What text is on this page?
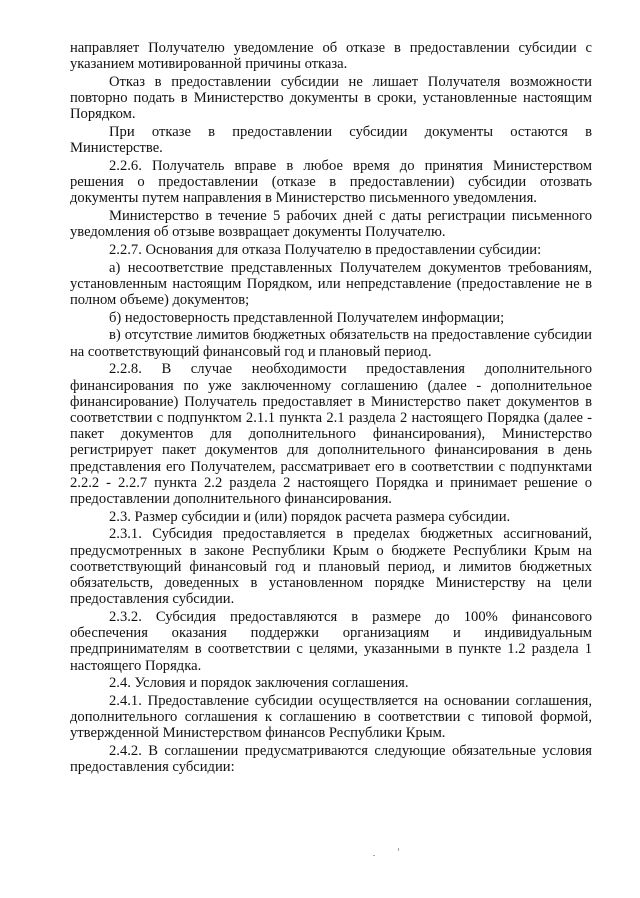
направляет Получателю уведомление об отказе в предоставлении субсидии с указанием мотивированной причины отказа.

Отказ в предоставлении субсидии не лишает Получателя возможности повторно подать в Министерство документы в сроки, установленные настоящим Порядком.

При отказе в предоставлении субсидии документы остаются в Министерстве.

2.2.6. Получатель вправе в любое время до принятия Министерством решения о предоставлении (отказе в предоставлении) субсидии отозвать документы путем направления в Министерство письменного уведомления.

Министерство в течение 5 рабочих дней с даты регистрации письменного уведомления об отзыве возвращает документы Получателю.

2.2.7. Основания для отказа Получателю в предоставлении субсидии:

а) несоответствие представленных Получателем документов требованиям, установленным настоящим Порядком, или непредставление (предоставление не в полном объеме) документов;

б) недостоверность представленной Получателем информации;

в) отсутствие лимитов бюджетных обязательств на предоставление субсидии на соответствующий финансовый год и плановый период.

2.2.8. В случае необходимости предоставления дополнительного финансирования по уже заключенному соглашению (далее - дополнительное финансирование) Получатель предоставляет в Министерство пакет документов в соответствии с подпунктом 2.1.1 пункта 2.1 раздела 2 настоящего Порядка (далее - пакет документов для дополнительного финансирования), Министерство регистрирует пакет документов для дополнительного финансирования в день представления его Получателем, рассматривает его в соответствии с подпунктами 2.2.2 - 2.2.7 пункта 2.2 раздела 2 настоящего Порядка и принимает решение о предоставлении дополнительного финансирования.

2.3. Размер субсидии и (или) порядок расчета размера субсидии.

2.3.1. Субсидия предоставляется в пределах бюджетных ассигнований, предусмотренных в законе Республики Крым о бюджете Республики Крым на соответствующий финансовый год и плановый период, и лимитов бюджетных обязательств, доведенных в установленном порядке Министерству на цели предоставления субсидии.

2.3.2. Субсидия предоставляются в размере до 100% финансового обеспечения оказания поддержки организациям и индивидуальным предпринимателям в соответствии с целями, указанными в пункте 1.2 раздела 1 настоящего Порядка.

2.4. Условия и порядок заключения соглашения.

2.4.1. Предоставление субсидии осуществляется на основании соглашения, дополнительного соглашения к соглашению в соответствии с типовой формой, утвержденной Министерством финансов Республики Крым.

2.4.2. В соглашении предусматриваются следующие обязательные условия предоставления субсидии:
